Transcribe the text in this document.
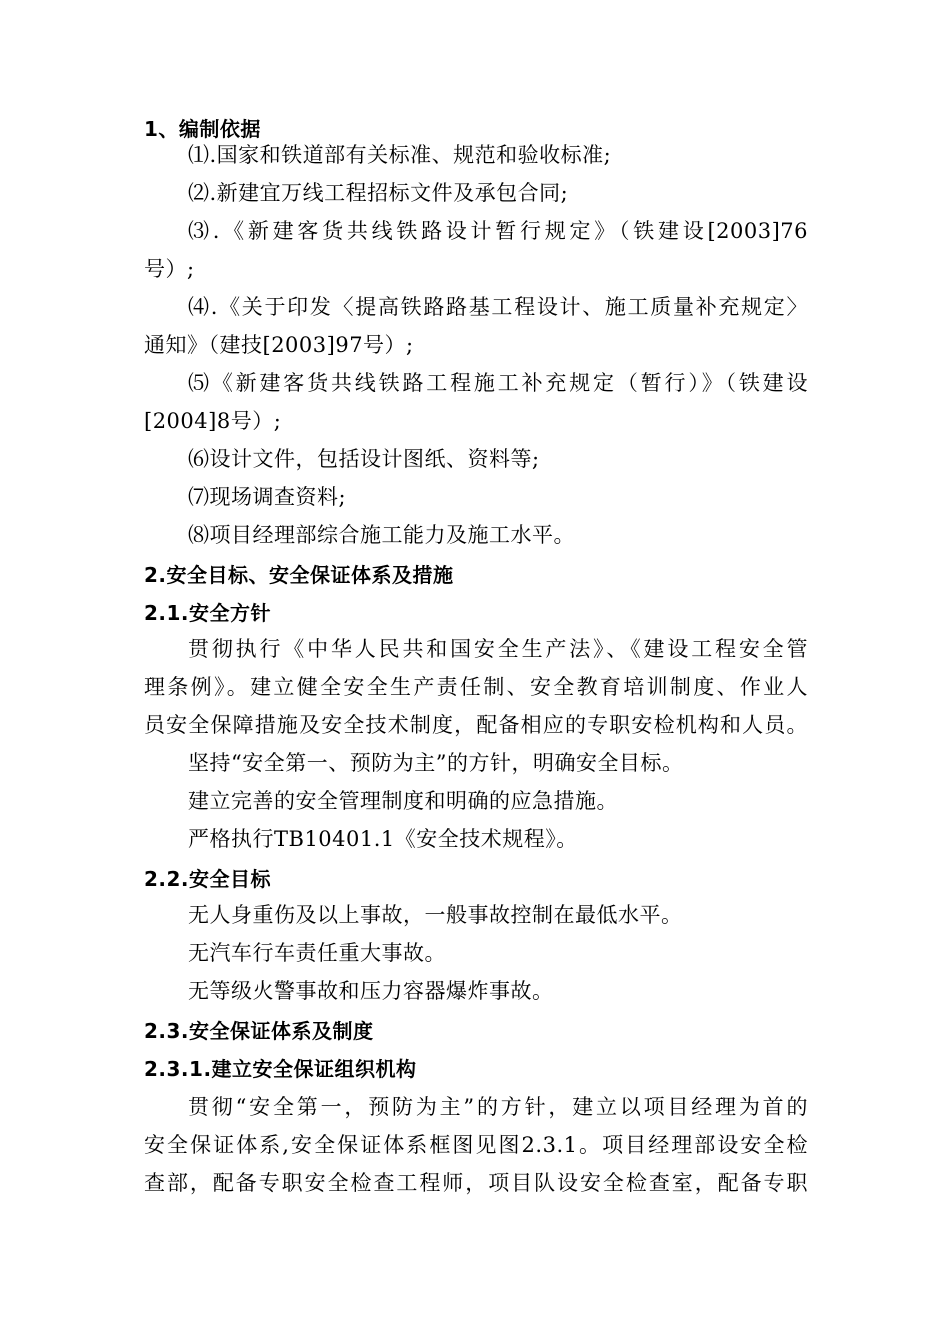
1、编制依据
⑴.国家和铁道部有关标准、规范和验收标准;
⑵.新建宜万线工程招标文件及承包合同;
⑶.《新建客货共线铁路设计暂行规定》（铁建设[2003]76
号）;
⑷.《关于印发〈提高铁路路基工程设计、施工质量补充规定〉
通知》（建技[2003]97号）;
⑸《新建客货共线铁路工程施工补充规定（暂行）》（铁建设
[2004]8号）;
⑹设计文件，包括设计图纸、资料等;
⑺现场调查资料;
⑻项目经理部综合施工能力及施工水平。
2.安全目标、安全保证体系及措施
2.1.安全方针
贯彻执行《中华人民共和国安全生产法》、《建设工程安全管
理条例》。建立健全安全生产责任制、安全教育培训制度、作业人
员安全保障措施及安全技术制度，配备相应的专职安检机构和人员。
坚持“安全第一、预防为主”的方针，明确安全目标。
建立完善的安全管理制度和明确的应急措施。
严格执行TB10401.1《安全技术规程》。
2.2.安全目标
无人身重伤及以上事故，一般事故控制在最低水平。
无汽车行车责任重大事故。
无等级火警事故和压力容器爆炸事故。
2.3.安全保证体系及制度
2.3.1.建立安全保证组织机构
贯彻“安全第一，预防为主”的方针，建立以项目经理为首的
安全保证体系,安全保证体系框图见图2.3.1。项目经理部设安全检
查部，配备专职安全检查工程师，项目队设安全检查室，配备专职
